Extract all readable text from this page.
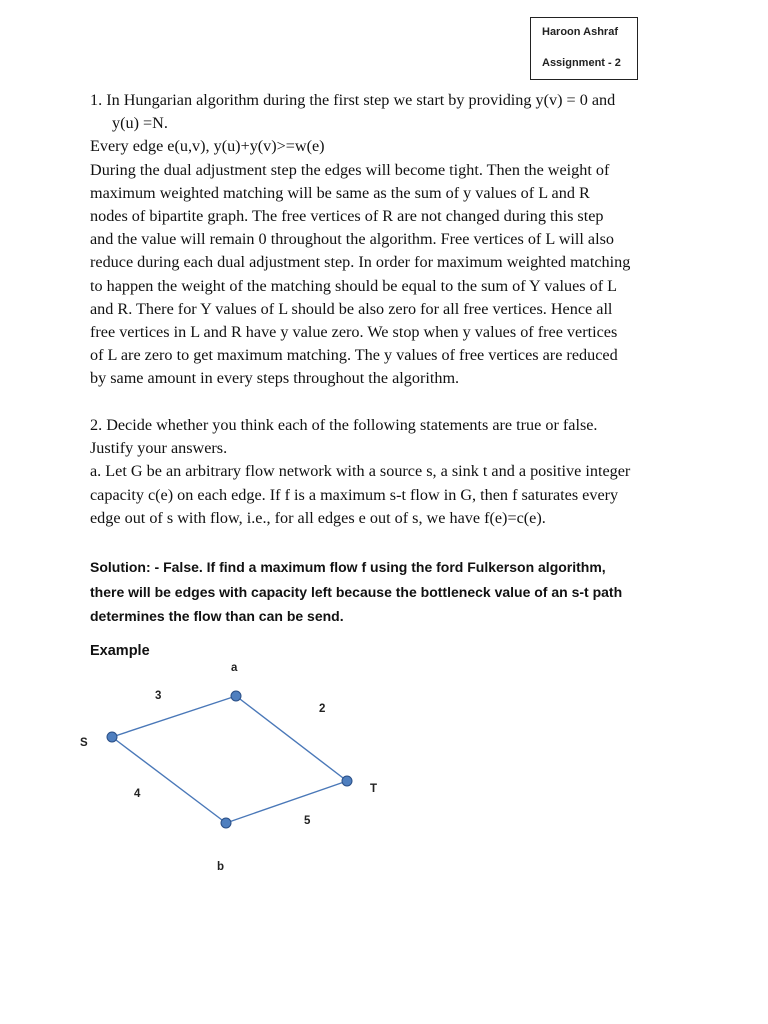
Haroon Ashraf
Assignment - 2
1. In Hungarian algorithm during the first step we start by providing y(v) = 0 and
y(u) =N.
Every edge e(u,v), y(u)+y(v)>=w(e)
During the dual adjustment step the edges will become tight. Then the weight of
maximum weighted matching will be same as the sum of y values of L and R
nodes of bipartite graph. The free vertices of R are not changed during this step
and the value will remain 0 throughout the algorithm. Free vertices of L will also
reduce during each dual adjustment step. In order for maximum weighted matching
to happen the weight of the matching should be equal to the sum of Y values of L
and R. There for Y values of L should be also zero for all free vertices. Hence all
free vertices in L and R have y value zero. We stop when y values of free vertices
of L are zero to get maximum matching. The y values of free vertices are reduced
by same amount in every steps throughout the algorithm.
2. Decide whether you think each of the following statements are true or false.
Justify your answers.
a. Let G be an arbitrary flow network with a source s, a sink t and a positive integer
capacity c(e) on each edge. If f is a maximum s-t flow in G, then f saturates every
edge out of s with flow, i.e., for all edges e out of s, we have f(e)=c(e).
Solution: - False. If find a maximum flow f using the ford Fulkerson algorithm,
there will be edges with capacity left because the bottleneck value of an s-t path
determines the flow than can be send.
Example
a
S
b
T
3
2
4
5
